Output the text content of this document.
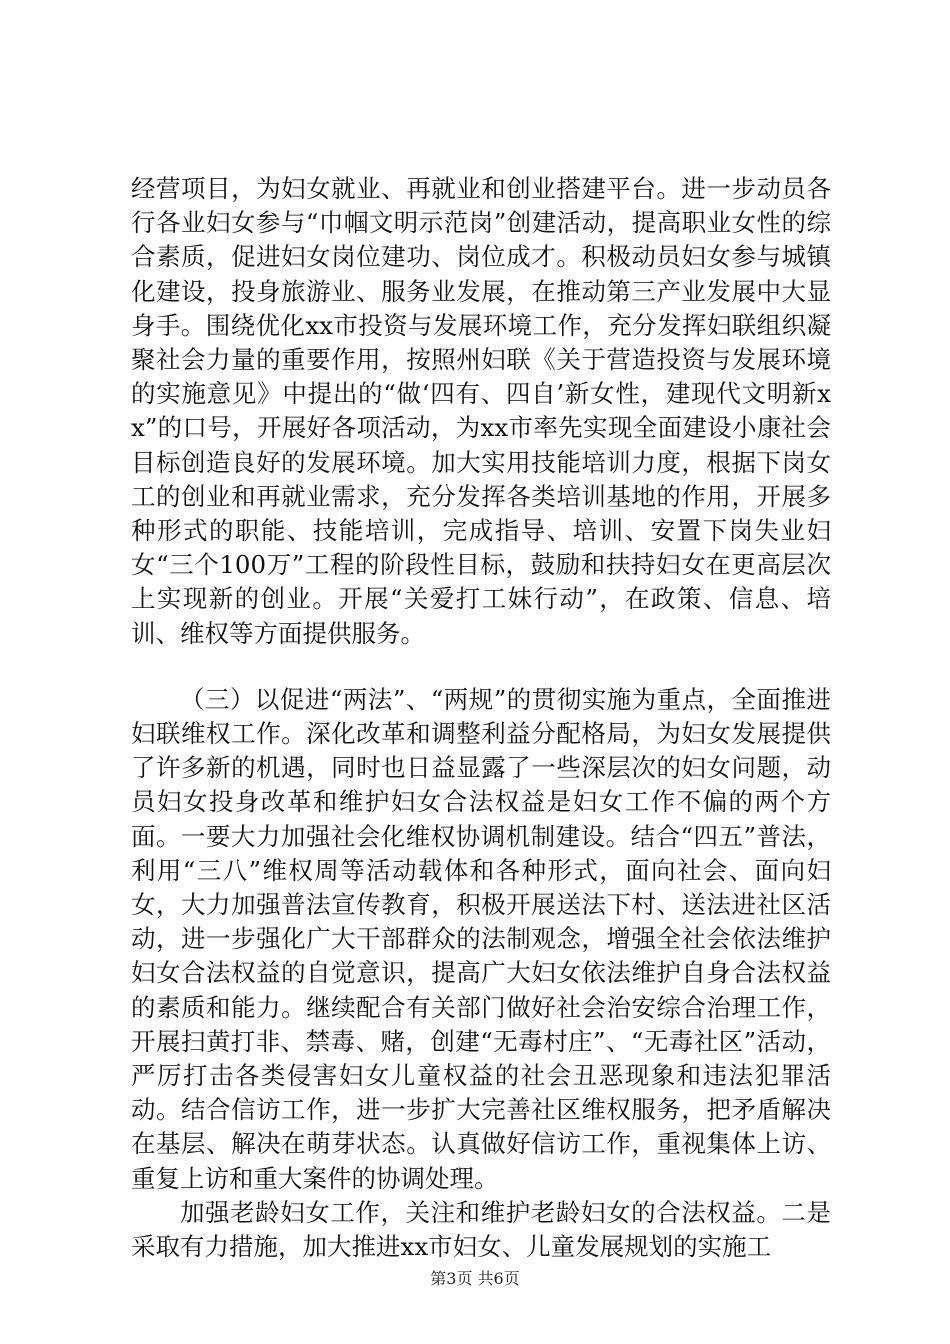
经营项目，为妇女就业、再就业和创业搭建平台。进一步动员各行各业妇女参与“巾帼文明示范岗”创建活动，提高职业女性的综合素质，促进妇女岗位建功、岗位成才。积极动员妇女参与城镇化建设，投身旅游业、服务业发展，在推动第三产业发展中大显身手。围绕优化xx市投资与发展环境工作，充分发挥妇联组织凝聚社会力量的重要作用，按照州妇联《关于营造投资与发展环境的实施意见》中提出的“做‘四有、四自’新女性，建现代文明新xx”的口号，开展好各项活动，为xx市率先实现全面建设小康社会目标创造良好的发展环境。加大实用技能培训力度，根据下岗女工的创业和再就业需求，充分发挥各类培训基地的作用，开展多种形式的职能、技能培训，完成指导、培训、安置下岗失业妇女“三个100万”工程的阶段性目标，鼓励和扶持妇女在更高层次上实现新的创业。开展“关爱打工妹行动”，在政策、信息、培训、维权等方面提供服务。

（三）以促进“两法”、“两规”的贯彻实施为重点，全面推进妇联维权工作。深化改革和调整利益分配格局，为妇女发展提供了许多新的机遇，同时也日益显露了一些深层次的妇女问题，动员妇女投身改革和维护妇女合法权益是妇女工作不偏的两个方面。一要大力加强社会化维权协调机制建设。结合“四五”普法，利用“三八”维权周等活动载体和各种形式，面向社会、面向妇女，大力加强普法宣传教育，积极开展送法下村、送法进社区活动，进一步强化广大干部群众的法制观念，增强全社会依法维护妇女合法权益的自觉意识，提高广大妇女依法维护自身合法权益的素质和能力。继续配合有关部门做好社会治安综合治理工作，开展扫黄打非、禁毒、赌，创建“无毒村庄”、“无毒社区”活动，严厉打击各类侵害妇女儿童权益的社会丑恶现象和违法犯罪活动。结合信访工作，进一步扩大完善社区维权服务，把矛盾解决在基层、解决在萌芽状态。认真做好信访工作，重视集体上访、重复上访和重大案件的协调处理。

加强老龄妇女工作，关注和维护老龄妇女的合法权益。二是采取有力措施，加大推进xx市妇女、儿童发展规划的实施工

第3页 共6页
